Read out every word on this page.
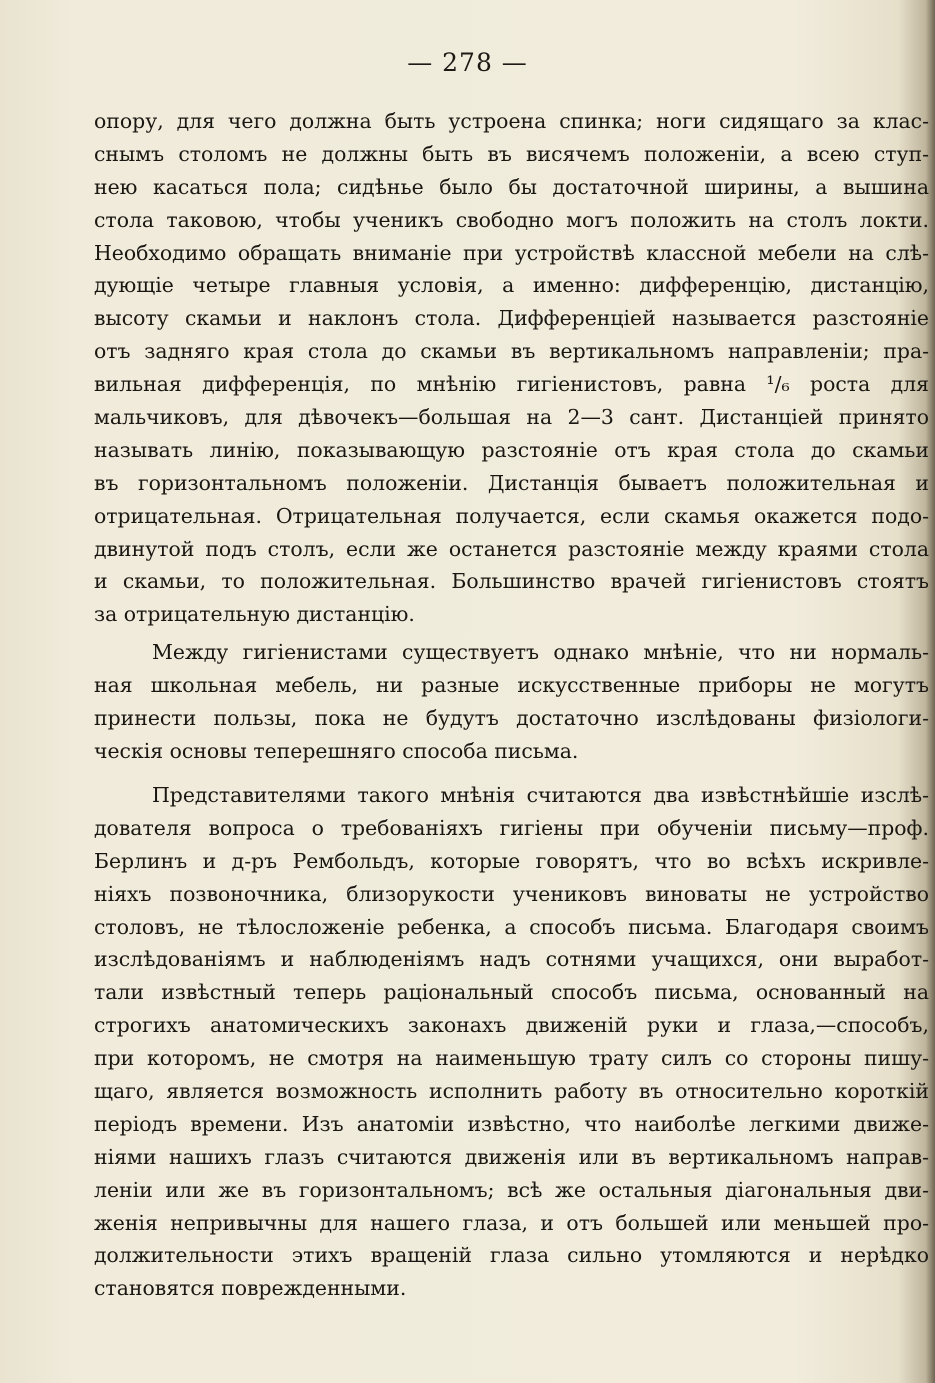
— 278 —
опору, для чего должна быть устроена спинка; ноги сидящаго за клас-
снымъ столомъ не должны быть въ висячемъ положеніи, а всею ступ-
нею касаться пола; сидѣнье было бы достаточной ширины, а вышина
стола таковою, чтобы ученикъ свободно могъ положить на столъ локти.
Необходимо обращать вниманіе при устройствѣ классной мебели на слѣ-
дующіе четыре главныя условія, а именно: дифференцію, дистанцію,
высоту скамьи и наклонъ стола. Дифференціей называется разстояніе
отъ задняго края стола до скамьи въ вертикальномъ направленіи; пра-
вильная дифференція, по мнѣнію гигіенистовъ, равна ¹/₆ роста для
мальчиковъ, для дѣвочекъ—большая на 2—3 сант. Дистанціей принято
называть линію, показывающую разстояніе отъ края стола до скамьи
въ горизонтальномъ положеніи. Дистанція бываетъ положительная и
отрицательная. Отрицательная получается, если скамья окажется подо-
двинутой подъ столъ, если же останется разстояніе между краями стола
и скамьи, то положительная. Большинство врачей гигіенистовъ стоятъ
за отрицательную дистанцію.
Между гигіенистами существуетъ однако мнѣніе, что ни нормаль-
ная школьная мебель, ни разные искусственные приборы не могутъ
принести пользы, пока не будутъ достаточно изслѣдованы физіологи-
ческія основы теперешняго способа письма.
Представителями такого мнѣнія считаются два извѣстнѣйшіе изслѣ-
дователя вопроса о требованіяхъ гигіены при обученіи письму—проф.
Берлинъ и д-ръ Рембольдъ, которые говорятъ, что во всѣхъ искривле-
ніяхъ позвоночника, близорукости учениковъ виноваты не устройство
столовъ, не тѣлосложеніе ребенка, а способъ письма. Благодаря своимъ
изслѣдованіямъ и наблюденіямъ надъ сотнями учащихся, они выработ-
тали извѣстный теперь раціональный способъ письма, основанный на
строгихъ анатомическихъ законахъ движеній руки и глаза,—способъ,
при которомъ, не смотря на наименьшую трату силъ со стороны пишу-
щаго, является возможность исполнить работу въ относительно короткій
періодъ времени. Изъ анатоміи извѣстно, что наиболѣе легкими движе-
ніями нашихъ глазъ считаются движенія или въ вертикальномъ направ-
леніи или же въ горизонтальномъ; всѣ же остальныя діагональныя дви-
женія непривычны для нашего глаза, и отъ большей или меньшей про-
должительности этихъ вращеній глаза сильно утомляются и нерѣдко
становятся поврежденными.
